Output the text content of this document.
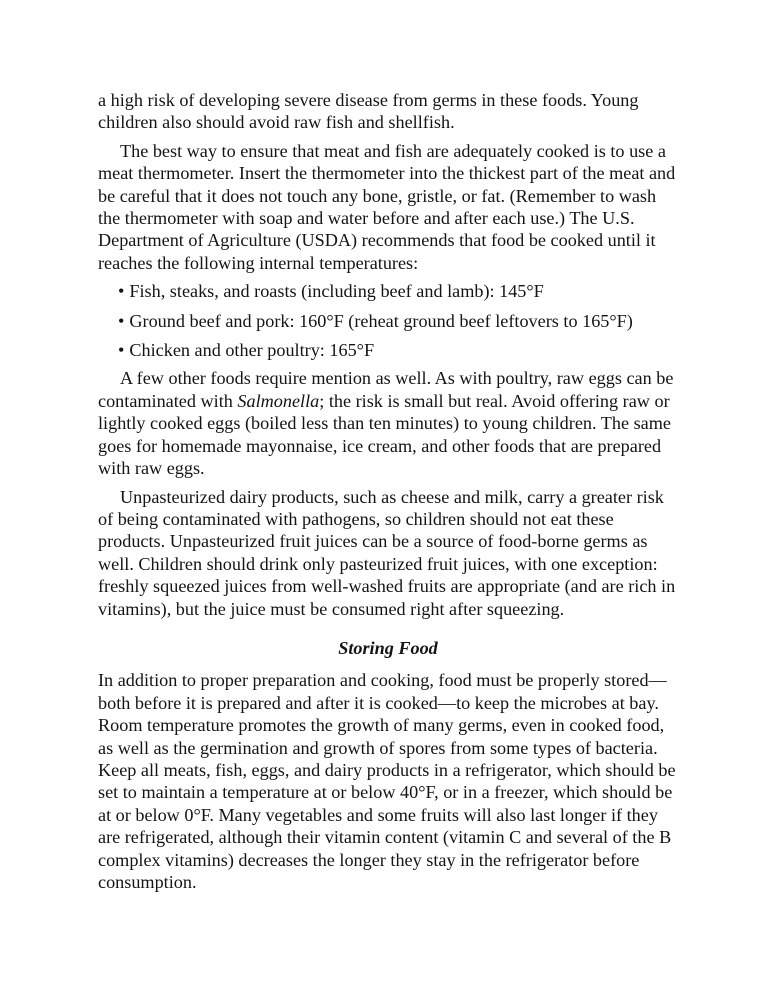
a high risk of developing severe disease from germs in these foods. Young children also should avoid raw fish and shellfish.

The best way to ensure that meat and fish are adequately cooked is to use a meat thermometer. Insert the thermometer into the thickest part of the meat and be careful that it does not touch any bone, gristle, or fat. (Remember to wash the thermometer with soap and water before and after each use.) The U.S. Department of Agriculture (USDA) recommends that food be cooked until it reaches the following internal temperatures:

• Fish, steaks, and roasts (including beef and lamb): 145°F
• Ground beef and pork: 160°F (reheat ground beef leftovers to 165°F)
• Chicken and other poultry: 165°F

A few other foods require mention as well. As with poultry, raw eggs can be contaminated with Salmonella; the risk is small but real. Avoid offering raw or lightly cooked eggs (boiled less than ten minutes) to young children. The same goes for homemade mayonnaise, ice cream, and other foods that are prepared with raw eggs.

Unpasteurized dairy products, such as cheese and milk, carry a greater risk of being contaminated with pathogens, so children should not eat these products. Unpasteurized fruit juices can be a source of food-borne germs as well. Children should drink only pasteurized fruit juices, with one exception: freshly squeezed juices from well-washed fruits are appropriate (and are rich in vitamins), but the juice must be consumed right after squeezing.

Storing Food

In addition to proper preparation and cooking, food must be properly stored—both before it is prepared and after it is cooked—to keep the microbes at bay. Room temperature promotes the growth of many germs, even in cooked food, as well as the germination and growth of spores from some types of bacteria. Keep all meats, fish, eggs, and dairy products in a refrigerator, which should be set to maintain a temperature at or below 40°F, or in a freezer, which should be at or below 0°F. Many vegetables and some fruits will also last longer if they are refrigerated, although their vitamin content (vitamin C and several of the B complex vitamins) decreases the longer they stay in the refrigerator before consumption.
